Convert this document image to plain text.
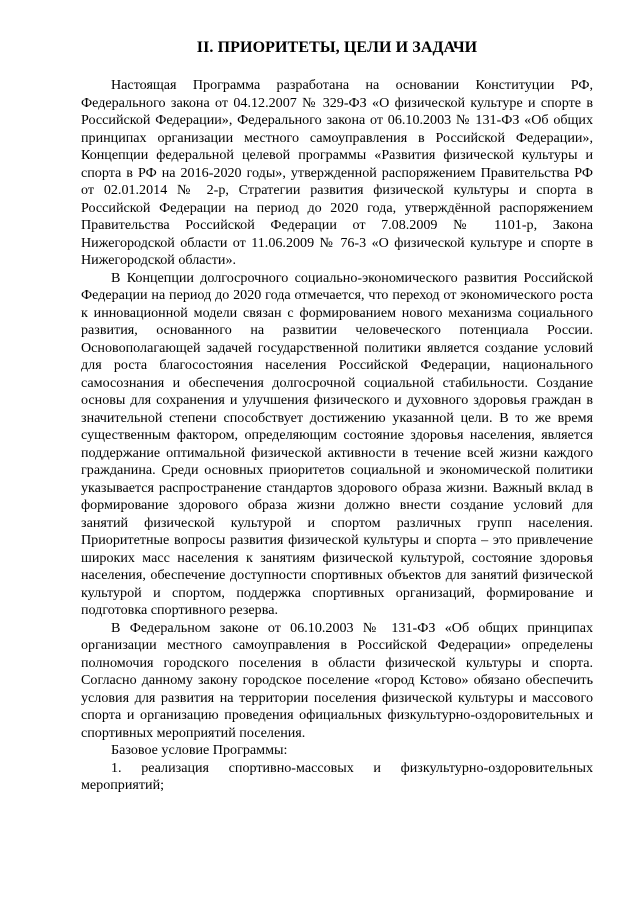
II. ПРИОРИТЕТЫ, ЦЕЛИ И ЗАДАЧИ

Настоящая Программа разработана на основании Конституции РФ, Федерального закона от 04.12.2007 № 329-ФЗ «О физической культуре и спорте в Российской Федерации», Федерального закона от 06.10.2003 № 131-ФЗ «Об общих принципах организации местного самоуправления в Российской Федерации», Концепции федеральной целевой программы «Развития физической культуры и спорта в РФ на 2016-2020 годы», утвержденной распоряжением Правительства РФ от 02.01.2014 № 2-р, Стратегии развития физической культуры и спорта в Российской Федерации на период до 2020 года, утверждённой распоряжением Правительства Российской Федерации от 7.08.2009 № 1101-р, Закона Нижегородской области от 11.06.2009 № 76-3 «О физической культуре и спорте в Нижегородской области».

В Концепции долгосрочного социально-экономического развития Российской Федерации на период до 2020 года отмечается, что переход от экономического роста к инновационной модели связан с формированием нового механизма социального развития, основанного на развитии человеческого потенциала России. Основополагающей задачей государственной политики является создание условий для роста благосостояния населения Российской Федерации, национального самосознания и обеспечения долгосрочной социальной стабильности. Создание основы для сохранения и улучшения физического и духовного здоровья граждан в значительной степени способствует достижению указанной цели. В то же время существенным фактором, определяющим состояние здоровья населения, является поддержание оптимальной физической активности в течение всей жизни каждого гражданина. Среди основных приоритетов социальной и экономической политики указывается распространение стандартов здорового образа жизни. Важный вклад в формирование здорового образа жизни должно внести создание условий для занятий физической культурой и спортом различных групп населения. Приоритетные вопросы развития физической культуры и спорта – это привлечение широких масс населения к занятиям физической культурой, состояние здоровья населения, обеспечение доступности спортивных объектов для занятий физической культурой и спортом, поддержка спортивных организаций, формирование и подготовка спортивного резерва.

В Федеральном законе от 06.10.2003 № 131-ФЗ «Об общих принципах организации местного самоуправления в Российской Федерации» определены полномочия городского поселения в области физической культуры и спорта. Согласно данному закону городское поселение «город Кстово» обязано обеспечить условия для развития на территории поселения физической культуры и массового спорта и организацию проведения официальных физкультурно-оздоровительных и спортивных мероприятий поселения.

Базовое условие Программы:

1. реализация спортивно-массовых и физкультурно-оздоровительных мероприятий;
